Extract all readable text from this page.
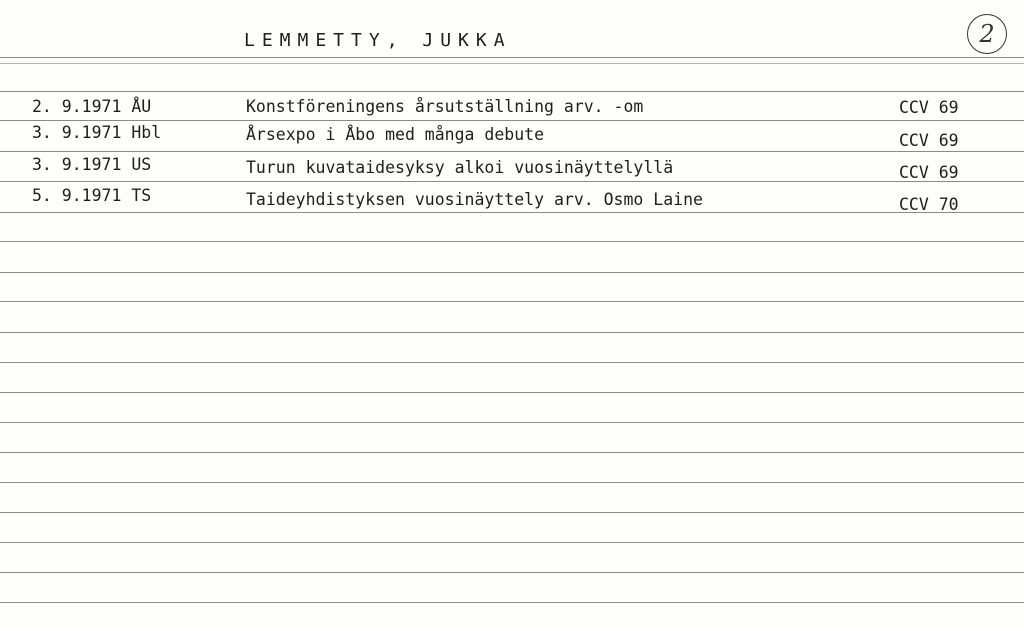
LEMMETTY, JUKKA	2
2. 9.1971 ÅU	Konstföreningens årsutställning arv. -om	CCV 69
3. 9.1971 Hbl	Årsexpo i Åbo med många debute	CCV 69
3. 9.1971 US	Turun kuvataidesyksy alkoi vuosinäyttelyllä	CCV 69
5. 9.1971 TS	Taideyhdistyksen vuosinäyttely arv. Osmo Laine	CCV 70
